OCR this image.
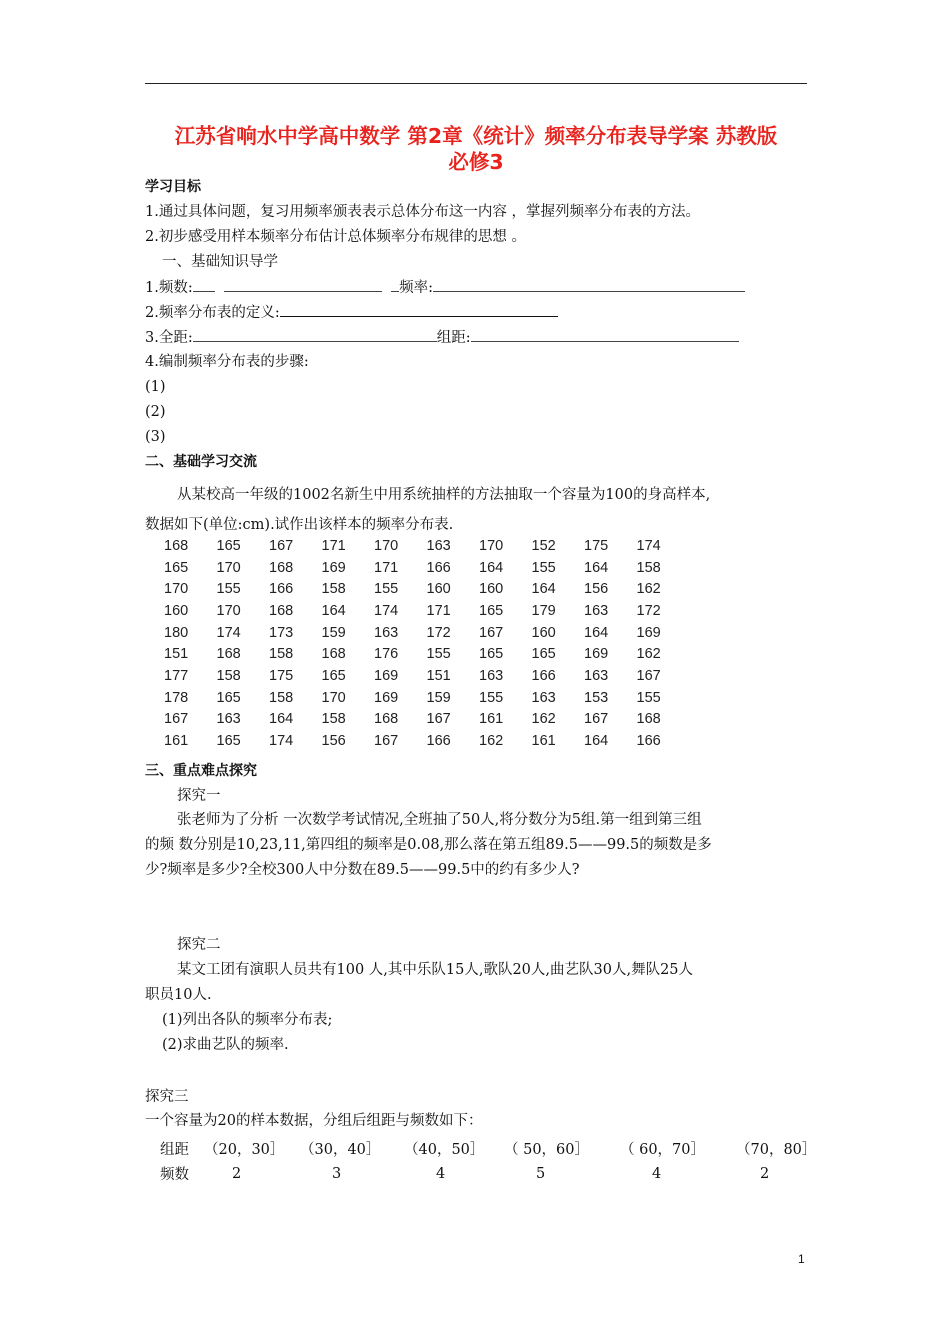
江苏省响水中学高中数学 第2章《统计》频率分布表导学案 苏教版
必修3
学习目标
1.通过具体问题，复习用频率颁表表示总体分布这一内容 ，掌握列频率分布表的方法。
2.初步感受用样本频率分布估计总体频率分布规律的思想 。
一、基础知识导学
1.频数:	频率:
2.频率分布表的定义:
3.全距:	组距:
4.编制频率分布表的步骤:
(1)
(2)
(3)
二、基础学习交流
从某校高一年级的1002名新生中用系统抽样的方法抽取一个容量为100的身高样本,
数据如下(单位:cm).试作出该样本的频率分布表.
168	165	167	171	170	163	170	152	175	174
165	170	168	169	171	166	164	155	164	158
170	155	166	158	155	160	160	164	156	162
160	170	168	164	174	171	165	179	163	172
180	174	173	159	163	172	167	160	164	169
151	168	158	168	176	155	165	165	169	162
177	158	175	165	169	151	163	166	163	167
178	165	158	170	169	159	155	163	153	155
167	163	164	158	168	167	161	162	167	168
161	165	174	156	167	166	162	161	164	166
三、重点难点探究
探究一
张老师为了分析 一次数学考试情况,全班抽了50人,将分数分为5组.第一组到第三组
的频 数分别是10,23,11,第四组的频率是0.08,那么落在第五组89.5——99.5的频数是多
少?频率是多少?全校300人中分数在89.5——99.5中的约有多少人?
探究二
某文工团有演职人员共有100 人,其中乐队15人,歌队20人,曲艺队30人,舞队25人
职员10人.
(1)列出各队的频率分布表;
(2)求曲艺队的频率.
探究三
一个容量为20的样本数据，分组后组距与频数如下：
组距	（20，30］	（30，40］	（40，50］	（ 50，60］	（ 60，70］	（70，80］
频数	2	3	4	5	4	2
1
